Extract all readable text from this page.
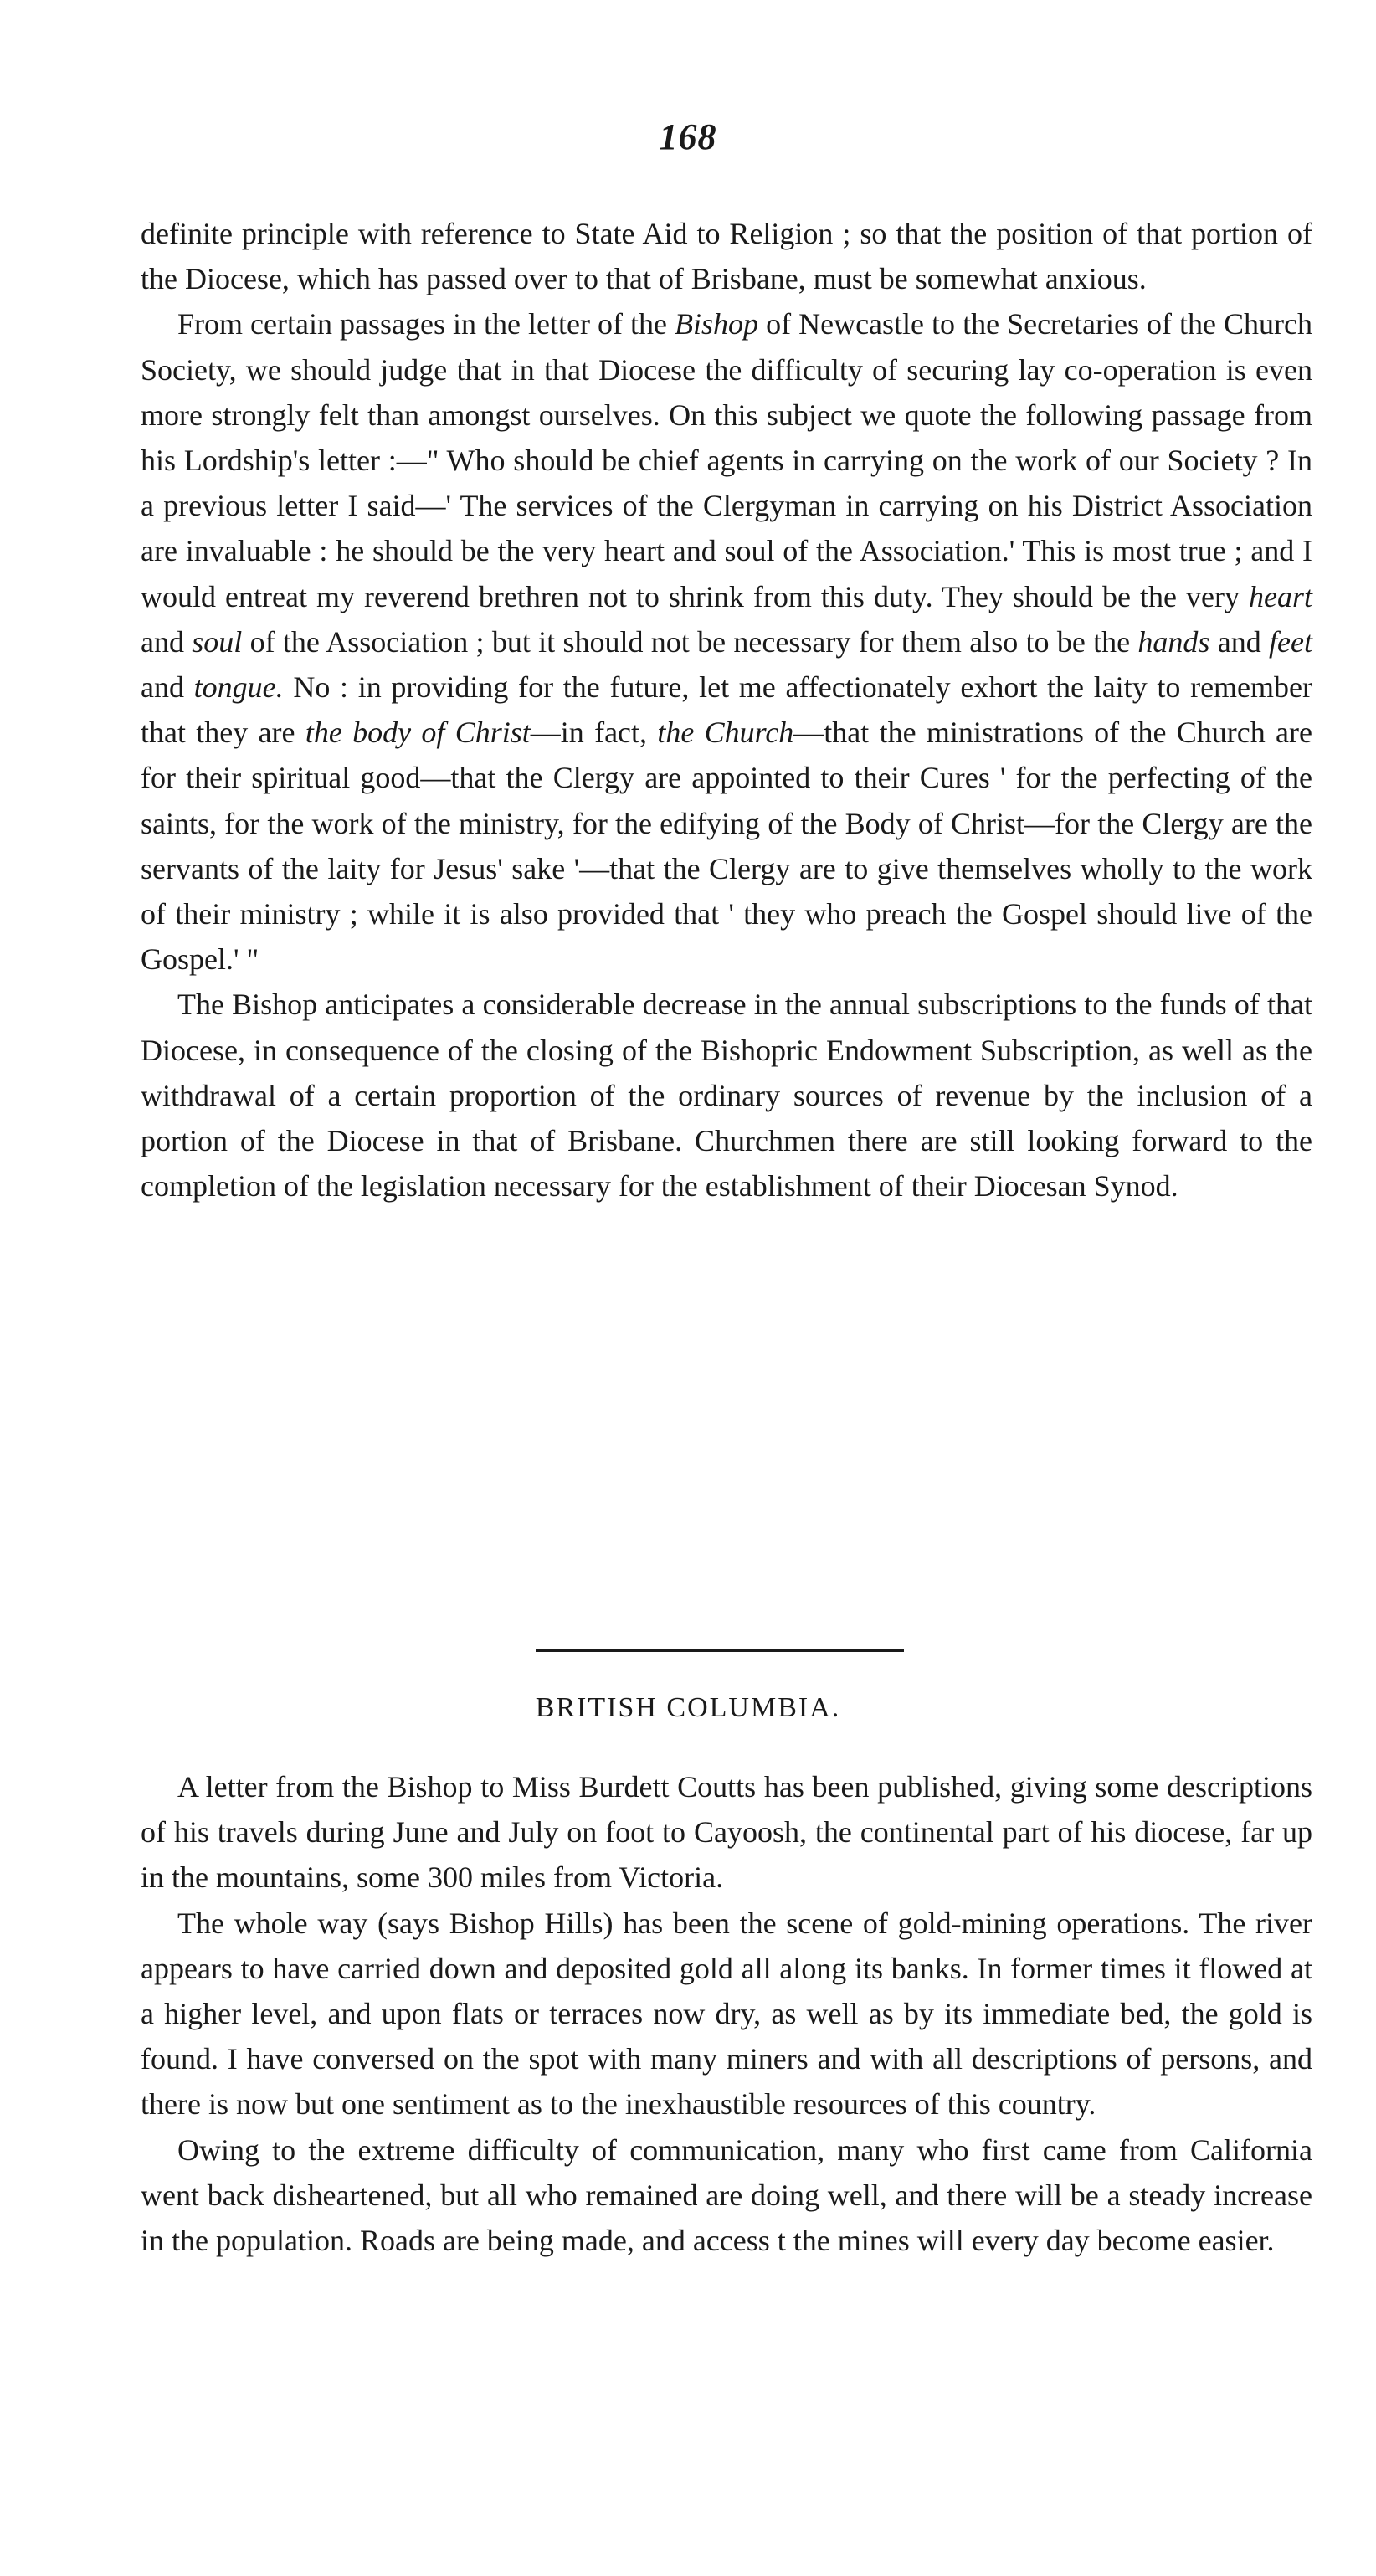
168

definite principle with reference to State Aid to Religion ; so that the position of that portion of the Diocese, which has passed over to that of Brisbane, must be somewhat anxious.

From certain passages in the letter of the Bishop of Newcastle to the Secretaries of the Church Society, we should judge that in that Diocese the difficulty of securing lay co-operation is even more strongly felt than amongst ourselves. On this subject we quote the following passage from his Lordship's letter :—" Who should be chief agents in carrying on the work of our Society ? In a previous letter I said—' The services of the Clergyman in carrying on his District Association are invaluable : he should be the very heart and soul of the Association.' This is most true ; and I would entreat my reverend brethren not to shrink from this duty. They should be the very heart and soul of the Association ; but it should not be necessary for them also to be the hands and feet and tongue. No : in providing for the future, let me affectionately exhort the laity to remember that they are the body of Christ—in fact, the Church—that the ministrations of the Church are for their spiritual good—that the Clergy are appointed to their Cures ' for the perfecting of the saints, for the work of the ministry, for the edifying of the Body of Christ—for the Clergy are the servants of the laity for Jesus' sake '—that the Clergy are to give themselves wholly to the work of their ministry ; while it is also provided that ' they who preach the Gospel should live of the Gospel.' "

The Bishop anticipates a considerable decrease in the annual subscriptions to the funds of that Diocese, in consequence of the closing of the Bishopric Endowment Subscription, as well as the withdrawal of a certain proportion of the ordinary sources of revenue by the inclusion of a portion of the Diocese in that of Brisbane. Churchmen there are still looking forward to the completion of the legislation necessary for the establishment of their Diocesan Synod.

BRITISH COLUMBIA.

A letter from the Bishop to Miss Burdett Coutts has been published, giving some descriptions of his travels during June and July on foot to Cayoosh, the continental part of his diocese, far up in the mountains, some 300 miles from Victoria.

The whole way (says Bishop Hills) has been the scene of gold-mining operations. The river appears to have carried down and deposited gold all along its banks. In former times it flowed at a higher level, and upon flats or terraces now dry, as well as by its immediate bed, the gold is found. I have conversed on the spot with many miners and with all descriptions of persons, and there is now but one sentiment as to the inexhaustible resources of this country.

Owing to the extreme difficulty of communication, many who first came from California went back disheartened, but all who remained are doing well, and there will be a steady increase in the population. Roads are being made, and access t the mines will every day become easier.
